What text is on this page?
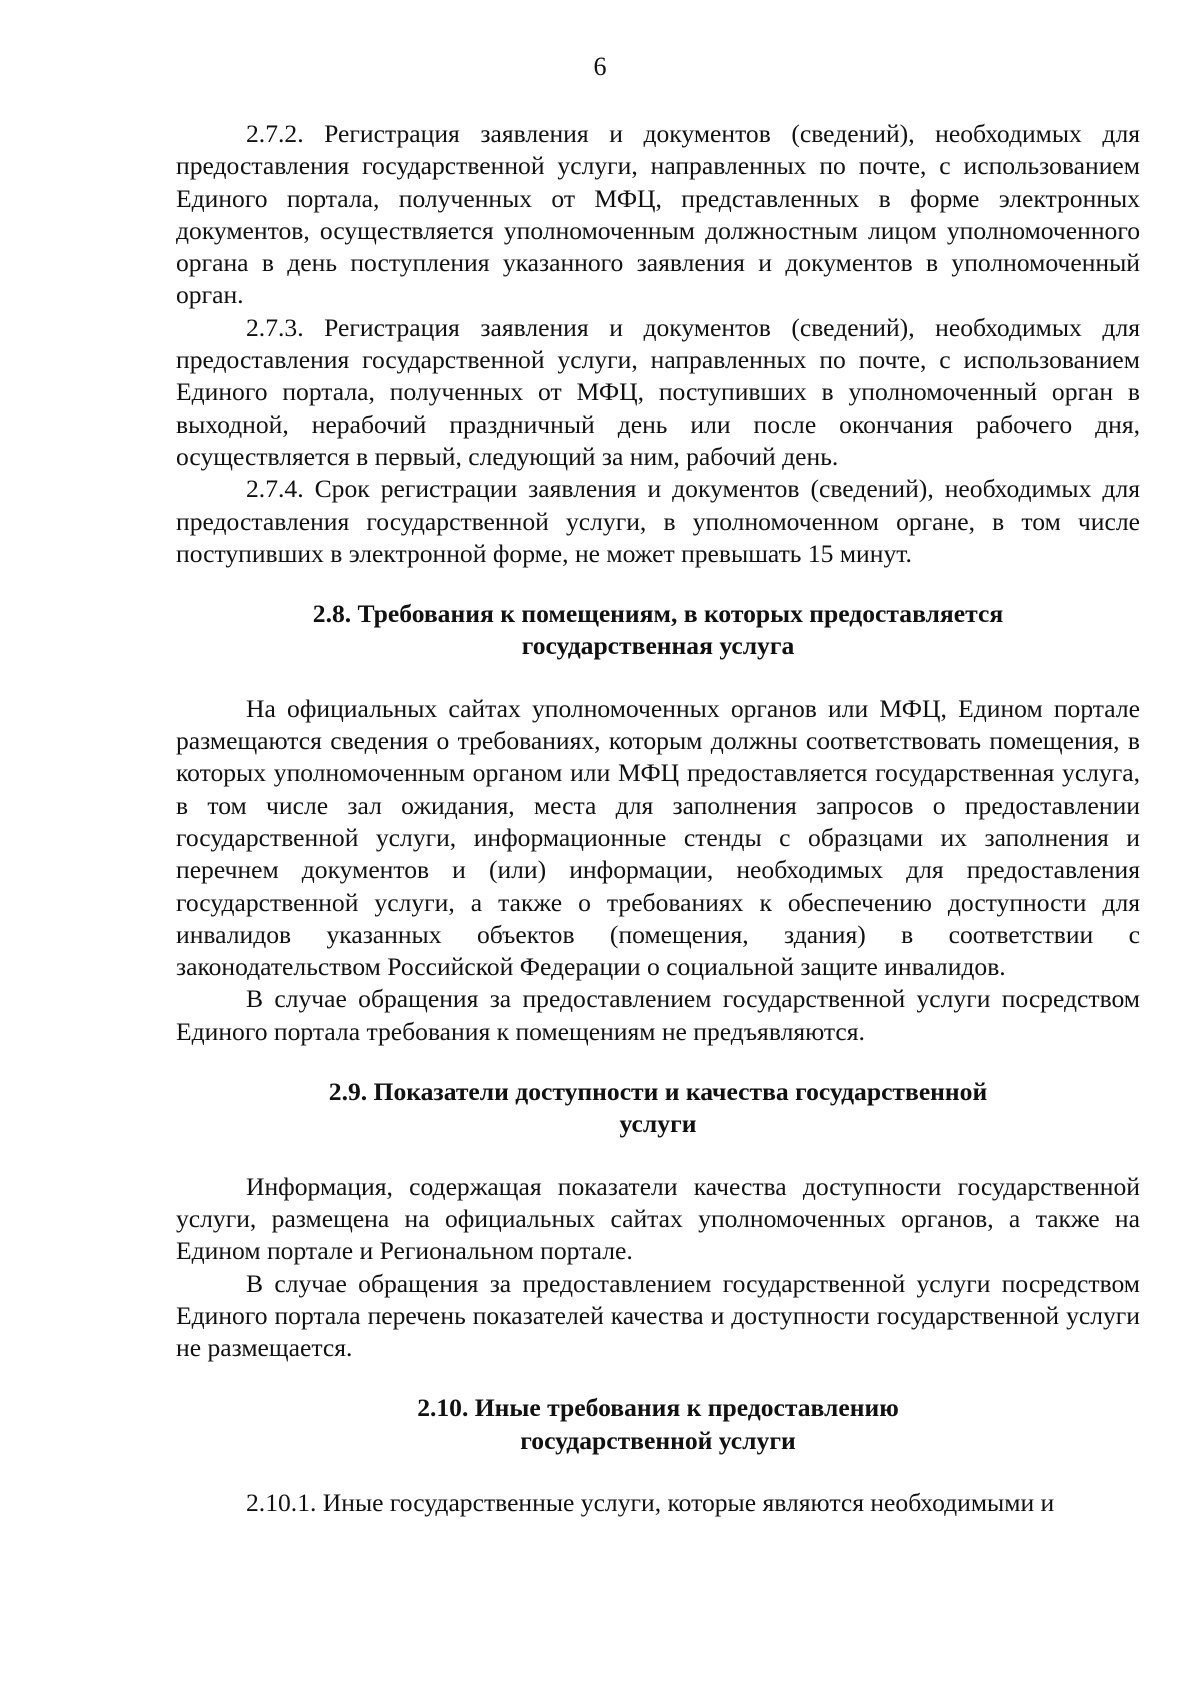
6

2.7.2. Регистрация заявления и документов (сведений), необходимых для предоставления государственной услуги, направленных по почте, с использованием Единого портала, полученных от МФЦ, представленных в форме электронных документов, осуществляется уполномоченным должностным лицом уполномоченного органа в день поступления указанного заявления и документов в уполномоченный орган.

2.7.3. Регистрация заявления и документов (сведений), необходимых для предоставления государственной услуги, направленных по почте, с использованием Единого портала, полученных от МФЦ, поступивших в уполномоченный орган в выходной, нерабочий праздничный день или после окончания рабочего дня, осуществляется в первый, следующий за ним, рабочий день.

2.7.4. Срок регистрации заявления и документов (сведений), необходимых для предоставления государственной услуги, в уполномоченном органе, в том числе поступивших в электронной форме, не может превышать 15 минут.

2.8. Требования к помещениям, в которых предоставляется
государственная услуга

На официальных сайтах уполномоченных органов или МФЦ, Едином портале размещаются сведения о требованиях, которым должны соответствовать помещения, в которых уполномоченным органом или МФЦ предоставляется государственная услуга, в том числе зал ожидания, места для заполнения запросов о предоставлении государственной услуги, информационные стенды с образцами их заполнения и перечнем документов и (или) информации, необходимых для предоставления государственной услуги, а также о требованиях к обеспечению доступности для инвалидов указанных объектов (помещения, здания) в соответствии с законодательством Российской Федерации о социальной защите инвалидов.

В случае обращения за предоставлением государственной услуги посредством Единого портала требования к помещениям не предъявляются.

2.9. Показатели доступности и качества государственной
услуги

Информация, содержащая показатели качества доступности государственной услуги, размещена на официальных сайтах уполномоченных органов, а также на Едином портале и Региональном портале.

В случае обращения за предоставлением государственной услуги посредством Единого портала перечень показателей качества и доступности государственной услуги не размещается.

2.10. Иные требования к предоставлению
государственной услуги

2.10.1. Иные государственные услуги, которые являются необходимыми и
